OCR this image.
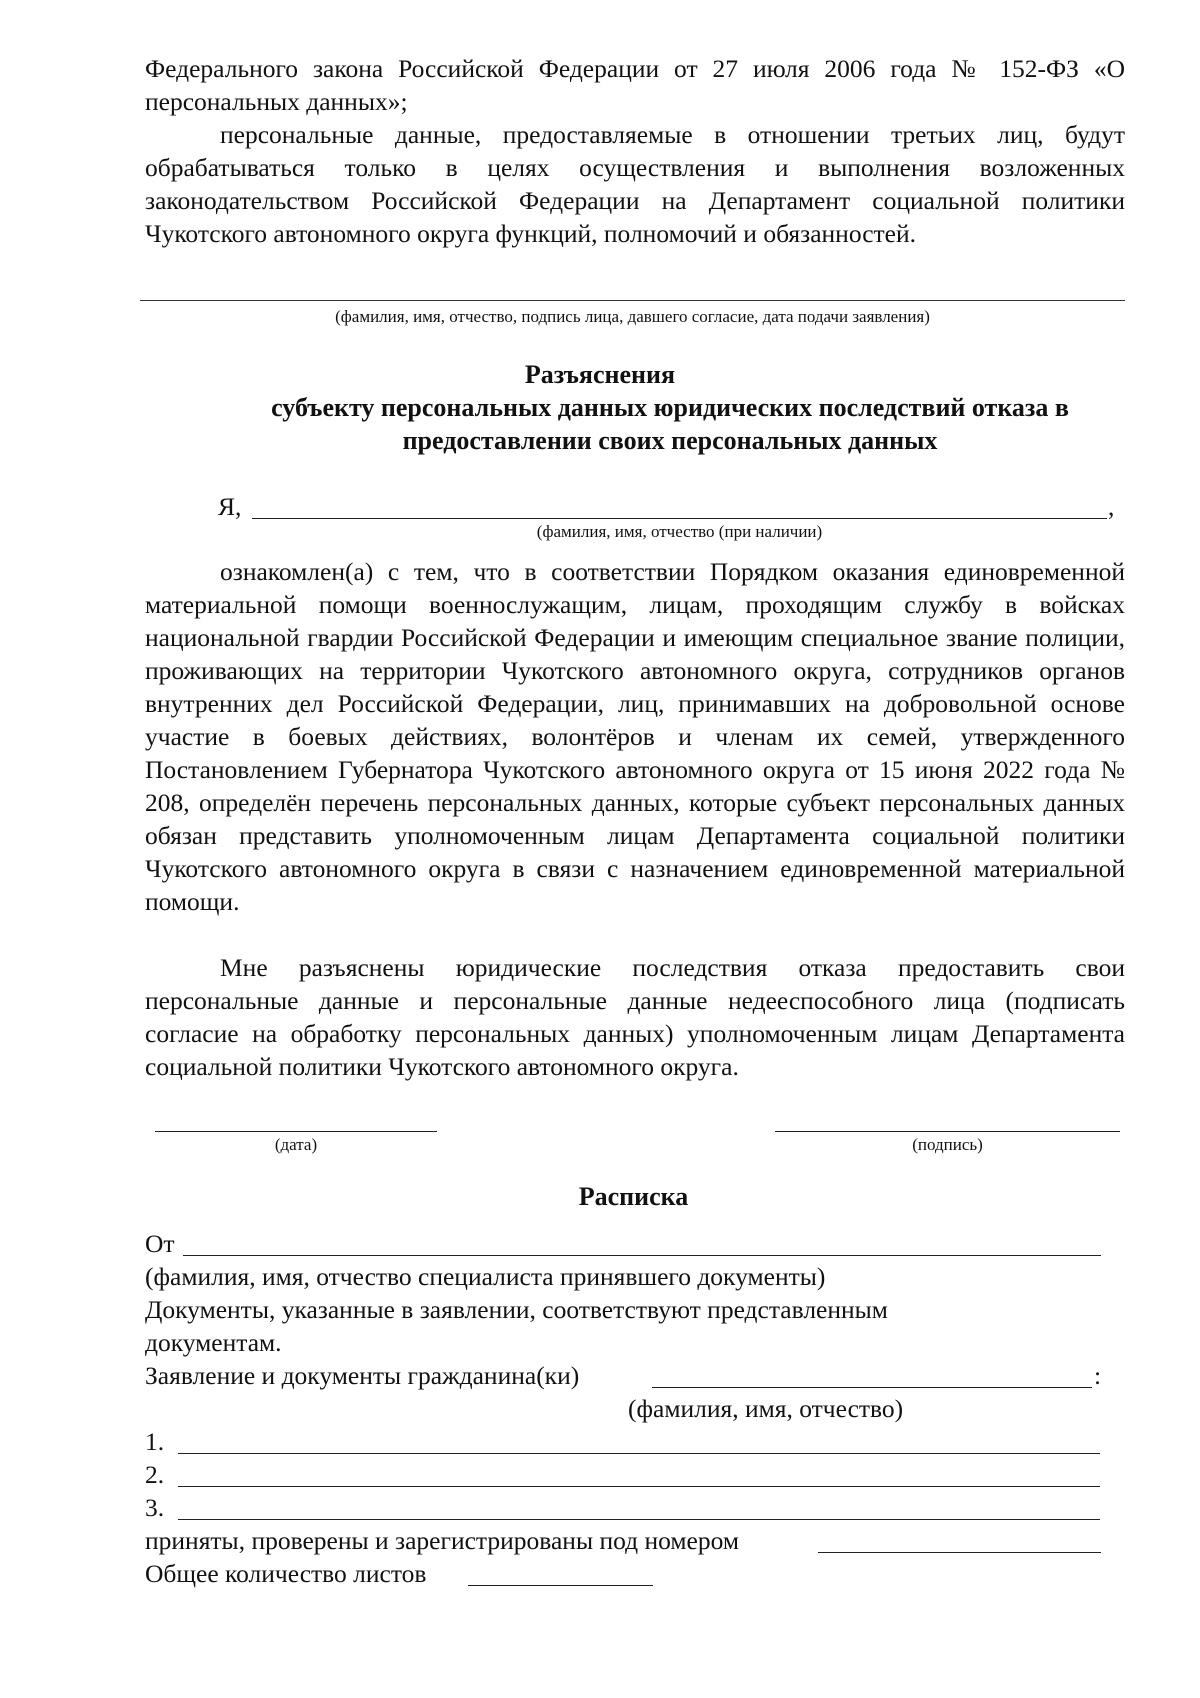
Федерального закона Российской Федерации от 27 июля 2006 года № 152-ФЗ «О
персональных данных»;
персональные данные, предоставляемые в отношении третьих лиц, будут обрабатываться только в целях осуществления и выполнения возложенных законодательством Российской Федерации на Департамент социальной политики Чукотского автономного округа функций, полномочий и обязанностей.
(фамилия, имя, отчество, подпись лица, давшего согласие, дата подачи заявления)
Разъяснения
субъекту персональных данных юридических последствий отказа в
предоставлении своих персональных данных
Я,	,
(фамилия, имя, отчество (при наличии)
ознакомлен(а) с тем, что в соответствии Порядком оказания единовременной материальной помощи военнослужащим, лицам, проходящим службу в войсках национальной гвардии Российской Федерации и имеющим специальное звание полиции, проживающих на территории Чукотского автономного округа, сотрудников органов внутренних дел Российской Федерации, лиц, принимавших на добровольной основе участие в боевых действиях, волонтёров и членам их семей, утвержденного Постановлением Губернатора Чукотского автономного округа от 15 июня 2022 года № 208, определён перечень персональных данных, которые субъект персональных данных обязан представить уполномоченным лицам Департамента социальной политики Чукотского автономного округа в связи с назначением единовременной материальной помощи.
Мне разъяснены юридические последствия отказа предоставить свои персональные данные и персональные данные недееспособного лица (подписать согласие на обработку персональных данных) уполномоченным лицам Департамента социальной политики Чукотского автономного округа.
(дата)	(подпись)
Расписка
От
(фамилия, имя, отчество специалиста принявшего документы)
Документы, указанные в заявлении, соответствуют представленным
документам.
Заявление и документы гражданина(ки)	:
(фамилия, имя, отчество)
1.
2.
3.
приняты, проверены и зарегистрированы под номером
Общее количество листов
